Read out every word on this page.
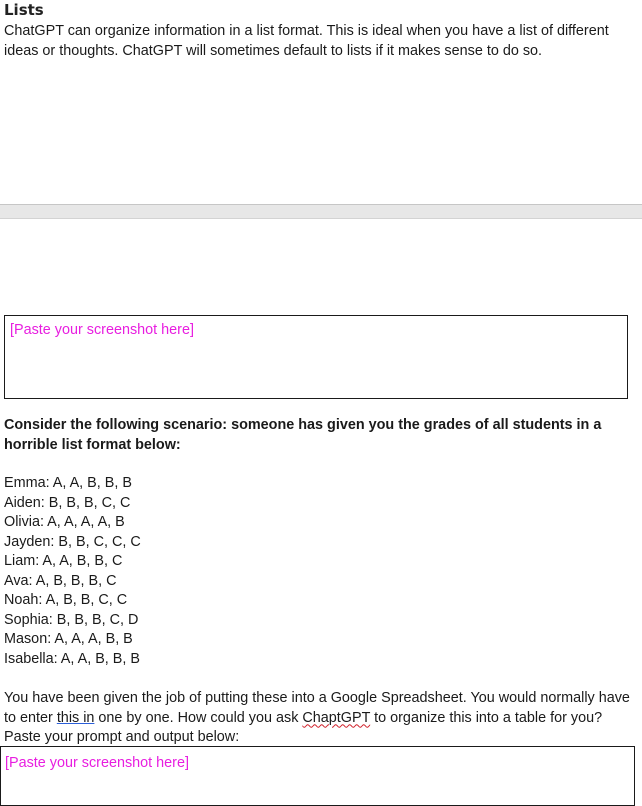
Lists

ChatGPT can organize information in a list format. This is ideal when you have a list of different ideas or thoughts. ChatGPT will sometimes default to lists if it makes sense to do so.

[Paste your screenshot here]

Consider the following scenario: someone has given you the grades of all students in a horrible list format below:

Emma: A, A, B, B, B
Aiden: B, B, B, C, C
Olivia: A, A, A, A, B
Jayden: B, B, C, C, C
Liam: A, A, B, B, C
Ava: A, B, B, B, C
Noah: A, B, B, C, C
Sophia: B, B, B, C, D
Mason: A, A, A, B, B
Isabella: A, A, B, B, B

You have been given the job of putting these into a Google Spreadsheet. You would normally have to enter this in one by one. How could you ask ChaptGPT to organize this into a table for you? Paste your prompt and output below:

[Paste your screenshot here]
